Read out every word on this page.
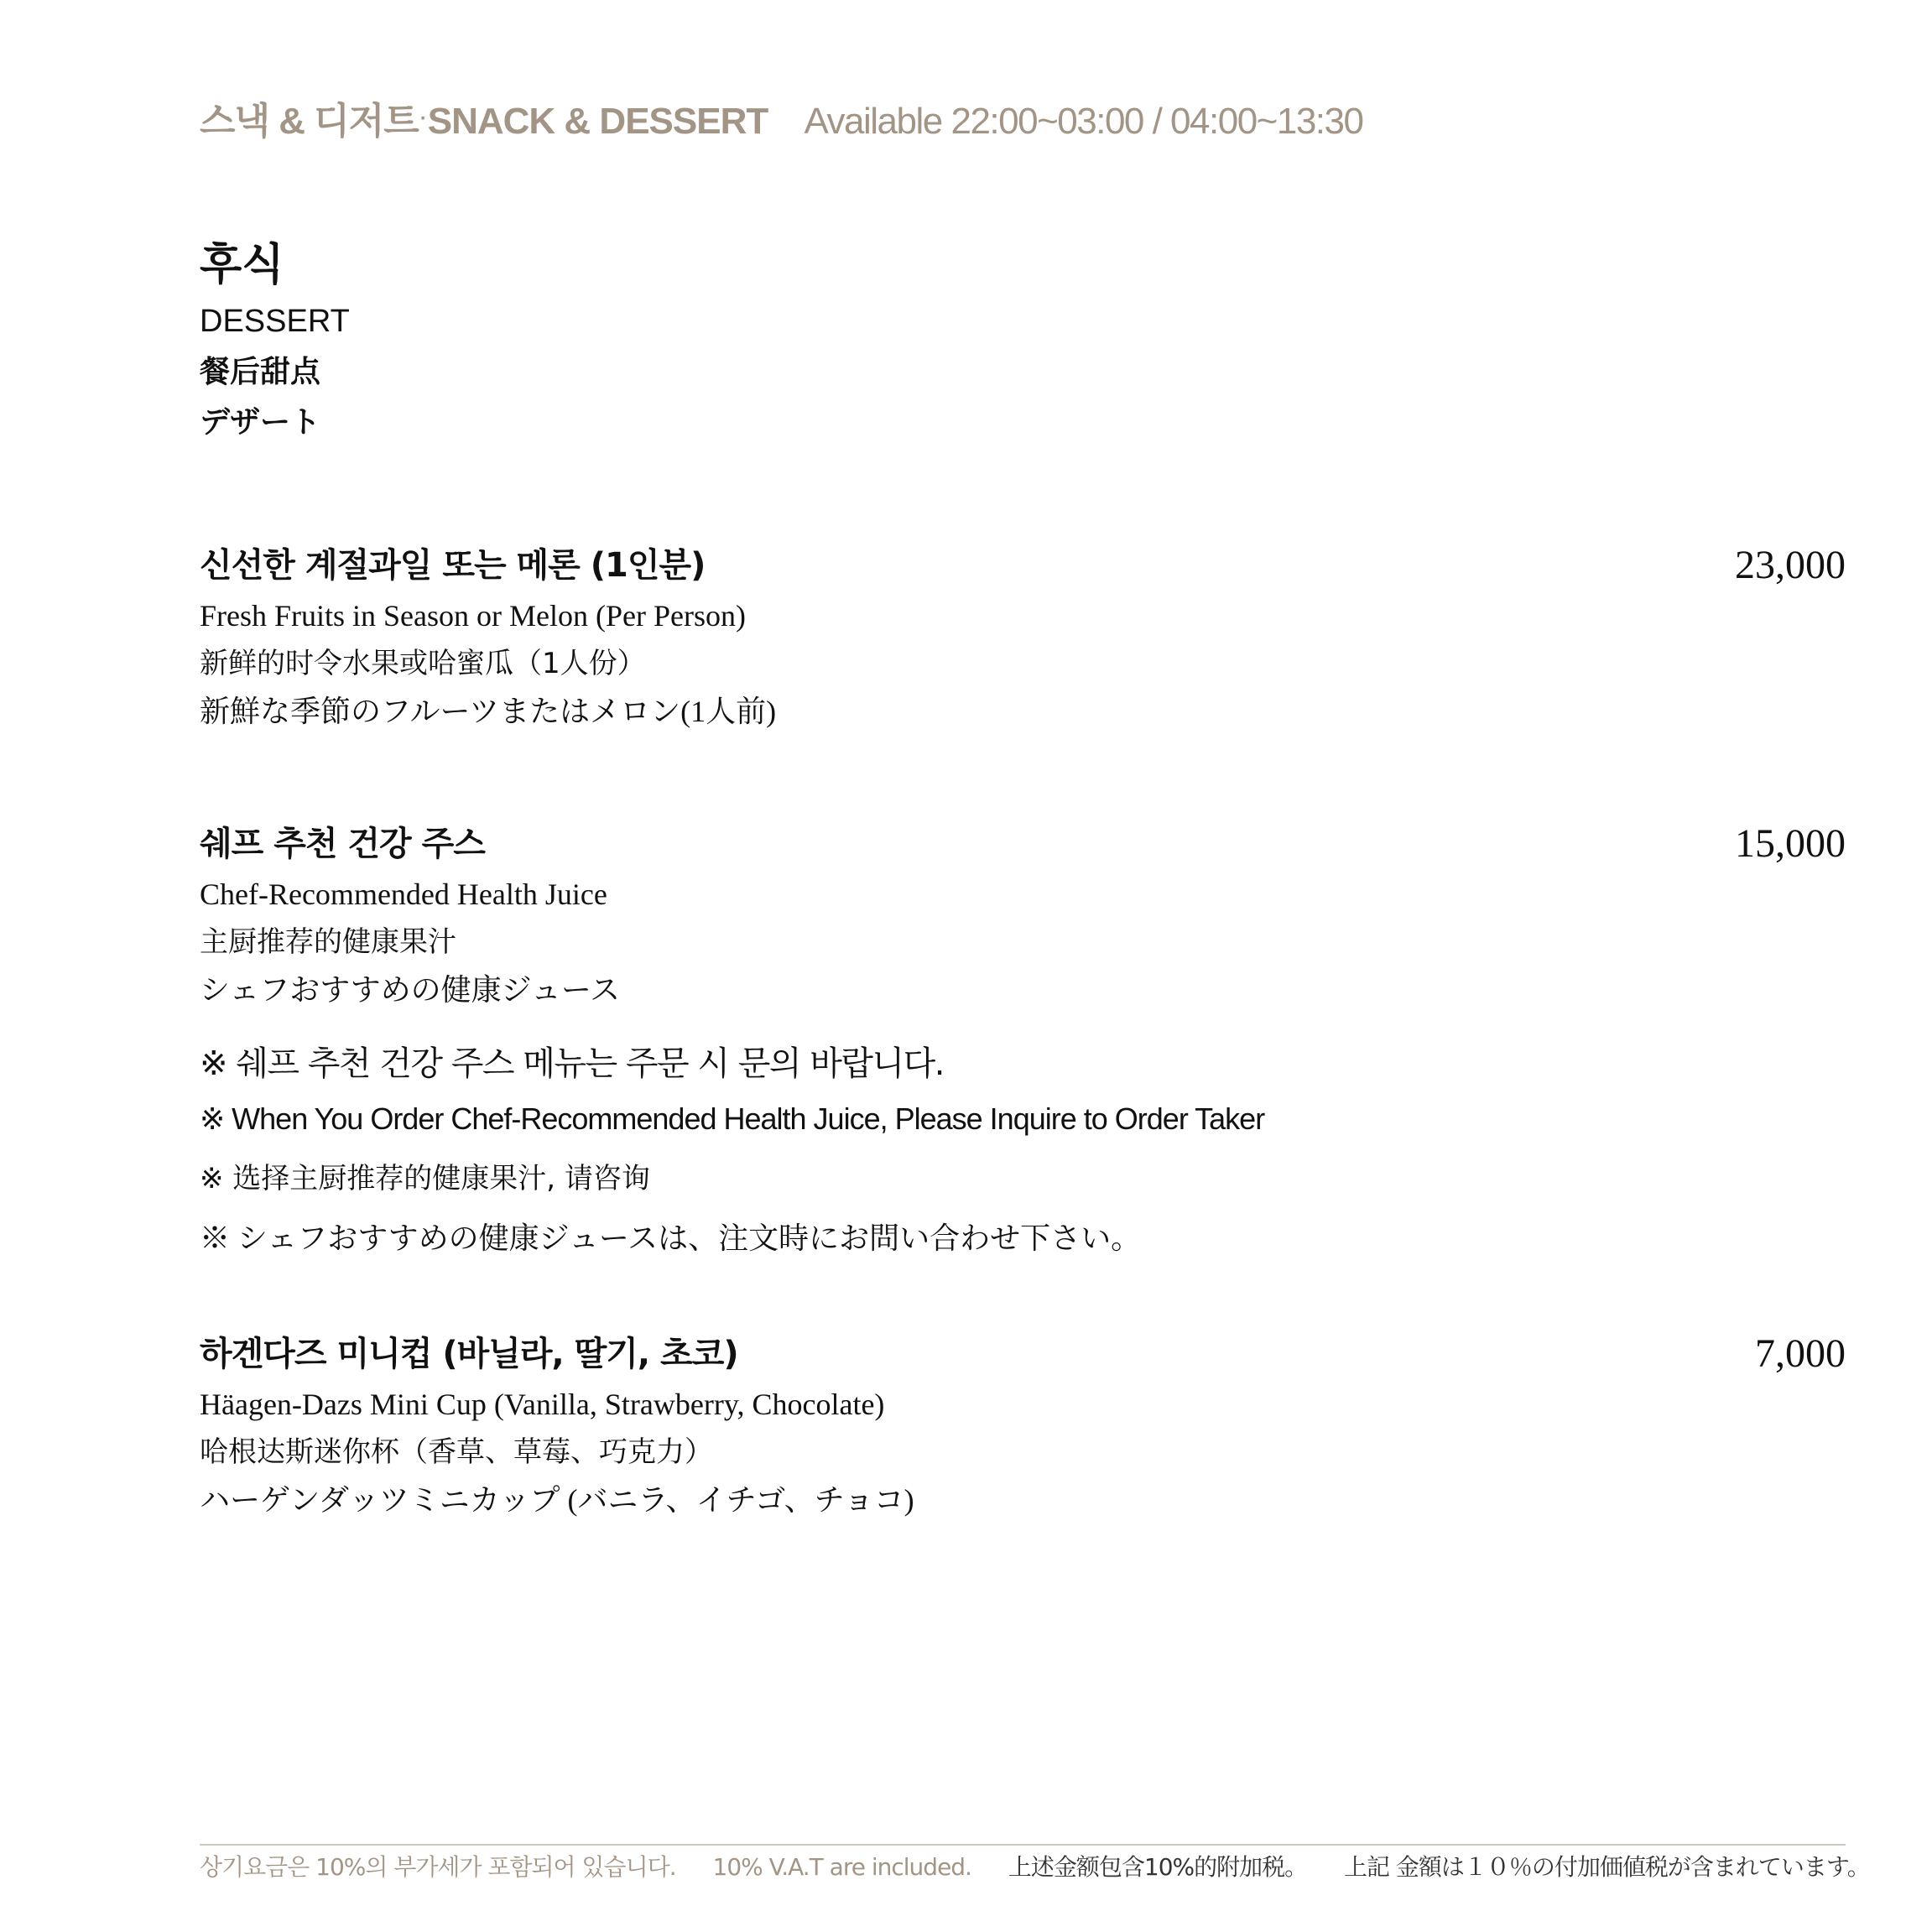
스낵 & 디저트·SNACK & DESSERT Available 22:00~03:00 / 04:00~13:30
후식
DESSERT
餐后甜点
デザート
신선한 계절과일 또는 메론 (1인분)
Fresh Fruits in Season or Melon (Per Person)
新鲜的时令水果或哈蜜瓜（1人份）
新鮮な季節のフルーツまたはメロン(1人前)
23,000
쉐프 추천 건강 주스
Chef-Recommended Health Juice
主厨推荐的健康果汁
シェフおすすめの健康ジュース
15,000
※ 쉐프 추천 건강 주스 메뉴는 주문 시 문의 바랍니다.
※ When You Order Chef-Recommended Health Juice, Please Inquire to Order Taker
※ 选择主厨推荐的健康果汁, 请咨询
※ シェフおすすめの健康ジュースは、注文時にお問い合わせ下さい。
하겐다즈 미니컵 (바닐라, 딸기, 초코)
Häagen-Dazs Mini Cup (Vanilla, Strawberry, Chocolate)
哈根达斯迷你杯（香草、草莓、巧克力）
ハーゲンダッツミニカップ (バニラ、イチゴ、チョコ)
7,000
상기요금은 10%의 부가세가 포함되어 있습니다. 10% V.A.T are included. 上述金额包含10%的附加税。 上記 金額は１０％の付加価値税が含まれています。
